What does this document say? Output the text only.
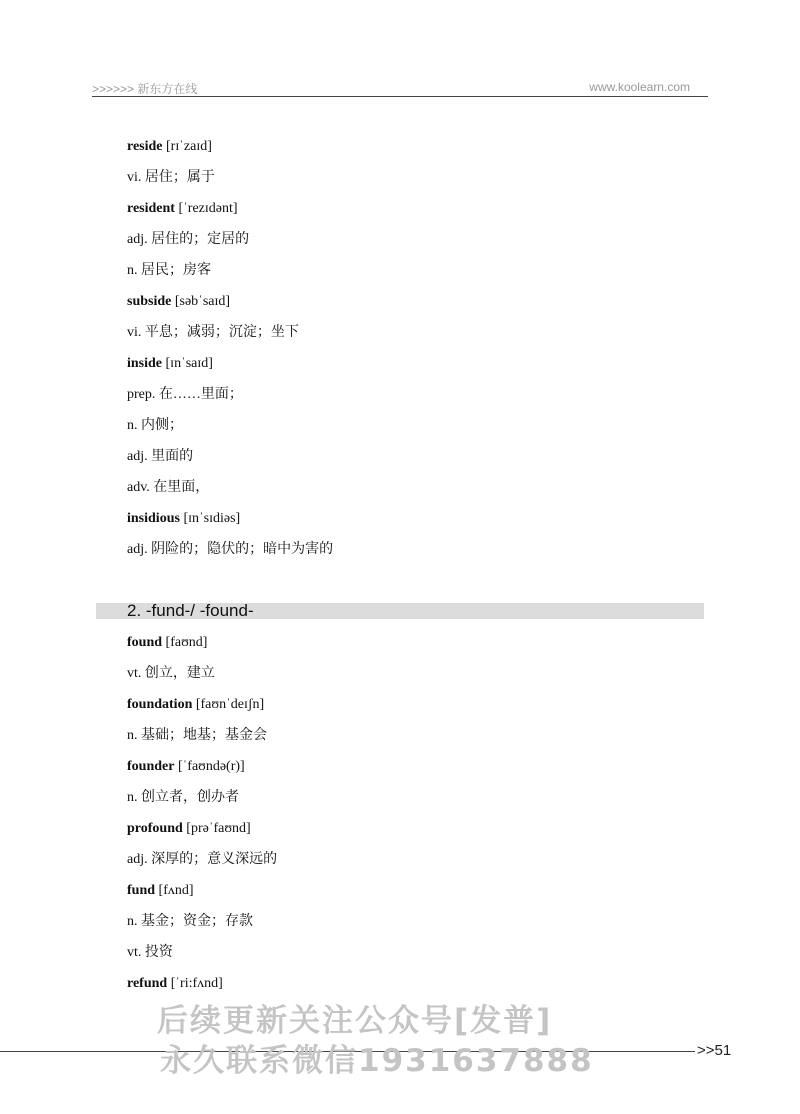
>>>>>> 新东方在线	www.koolearn.com
reside [rɪˈzaɪd]
vi. 居住；属于
resident [ˈrezɪdənt]
adj. 居住的；定居的
n. 居民；房客
subside [səbˈsaɪd]
vi. 平息；减弱；沉淀；坐下
inside [ɪnˈsaɪd]
prep. 在……里面；
n. 内侧；
adj. 里面的
adv. 在里面，
insidious [ɪnˈsɪdiəs]
adj. 阴险的；隐伏的；暗中为害的
2. -fund-/ -found-
found [faʊnd]
vt. 创立，建立
foundation [faʊnˈdeɪʃn]
n. 基础；地基；基金会
founder [ˈfaʊndə(r)]
n. 创立者，创办者
profound [prəˈfaʊnd]
adj. 深厚的；意义深远的
fund [fʌnd]
n. 基金；资金；存款
vt. 投资
refund [ˈri:fʌnd]
>>51
后续更新关注公众号[发普]
永久联系微信1931637888
